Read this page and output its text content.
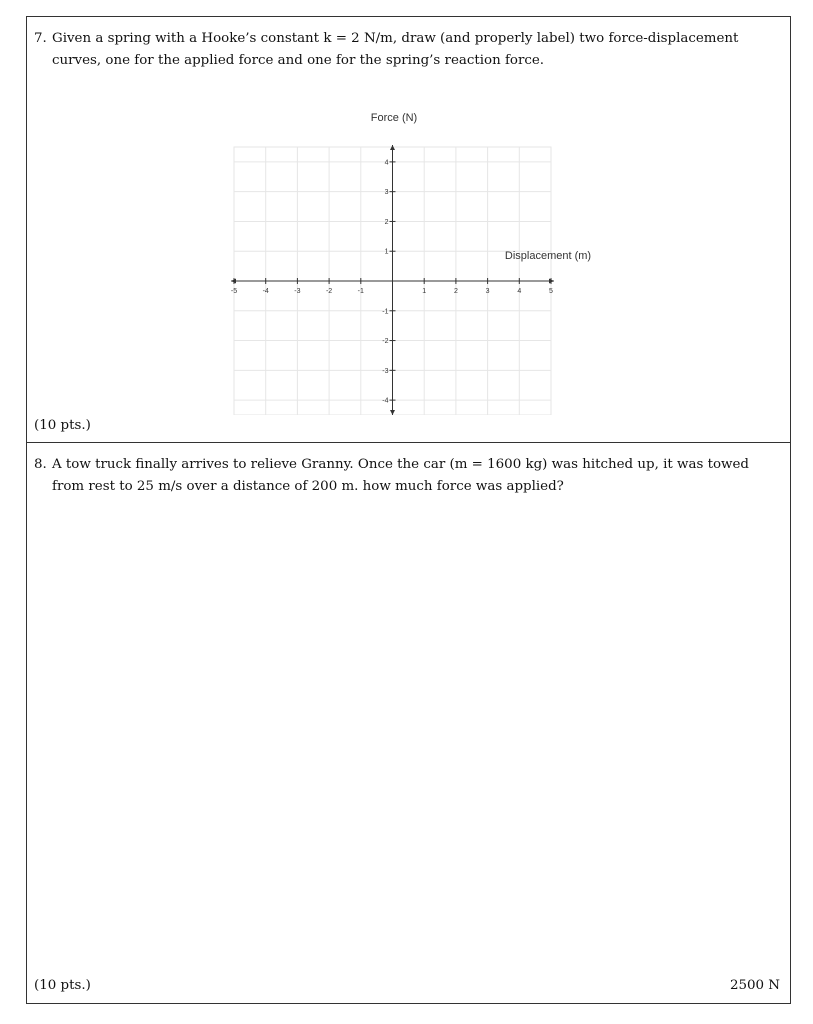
7. Given a spring with a Hooke’s constant k = 2 N/m, draw (and properly label) two force-displacement
curves, one for the applied force and one for the spring’s reaction force.
-5	-4	-3	-2	-1	1	2	3	4	5
4
3
2
1
-1
-2
-3
-4
Force (N)
Displacement (m)
(10 pts.)
8. A tow truck finally arrives to relieve Granny. Once the car (m = 1600 kg) was hitched up, it was towed
from rest to 25 m/s over a distance of 200 m. how much force was applied?
(10 pts.)	2500 N
